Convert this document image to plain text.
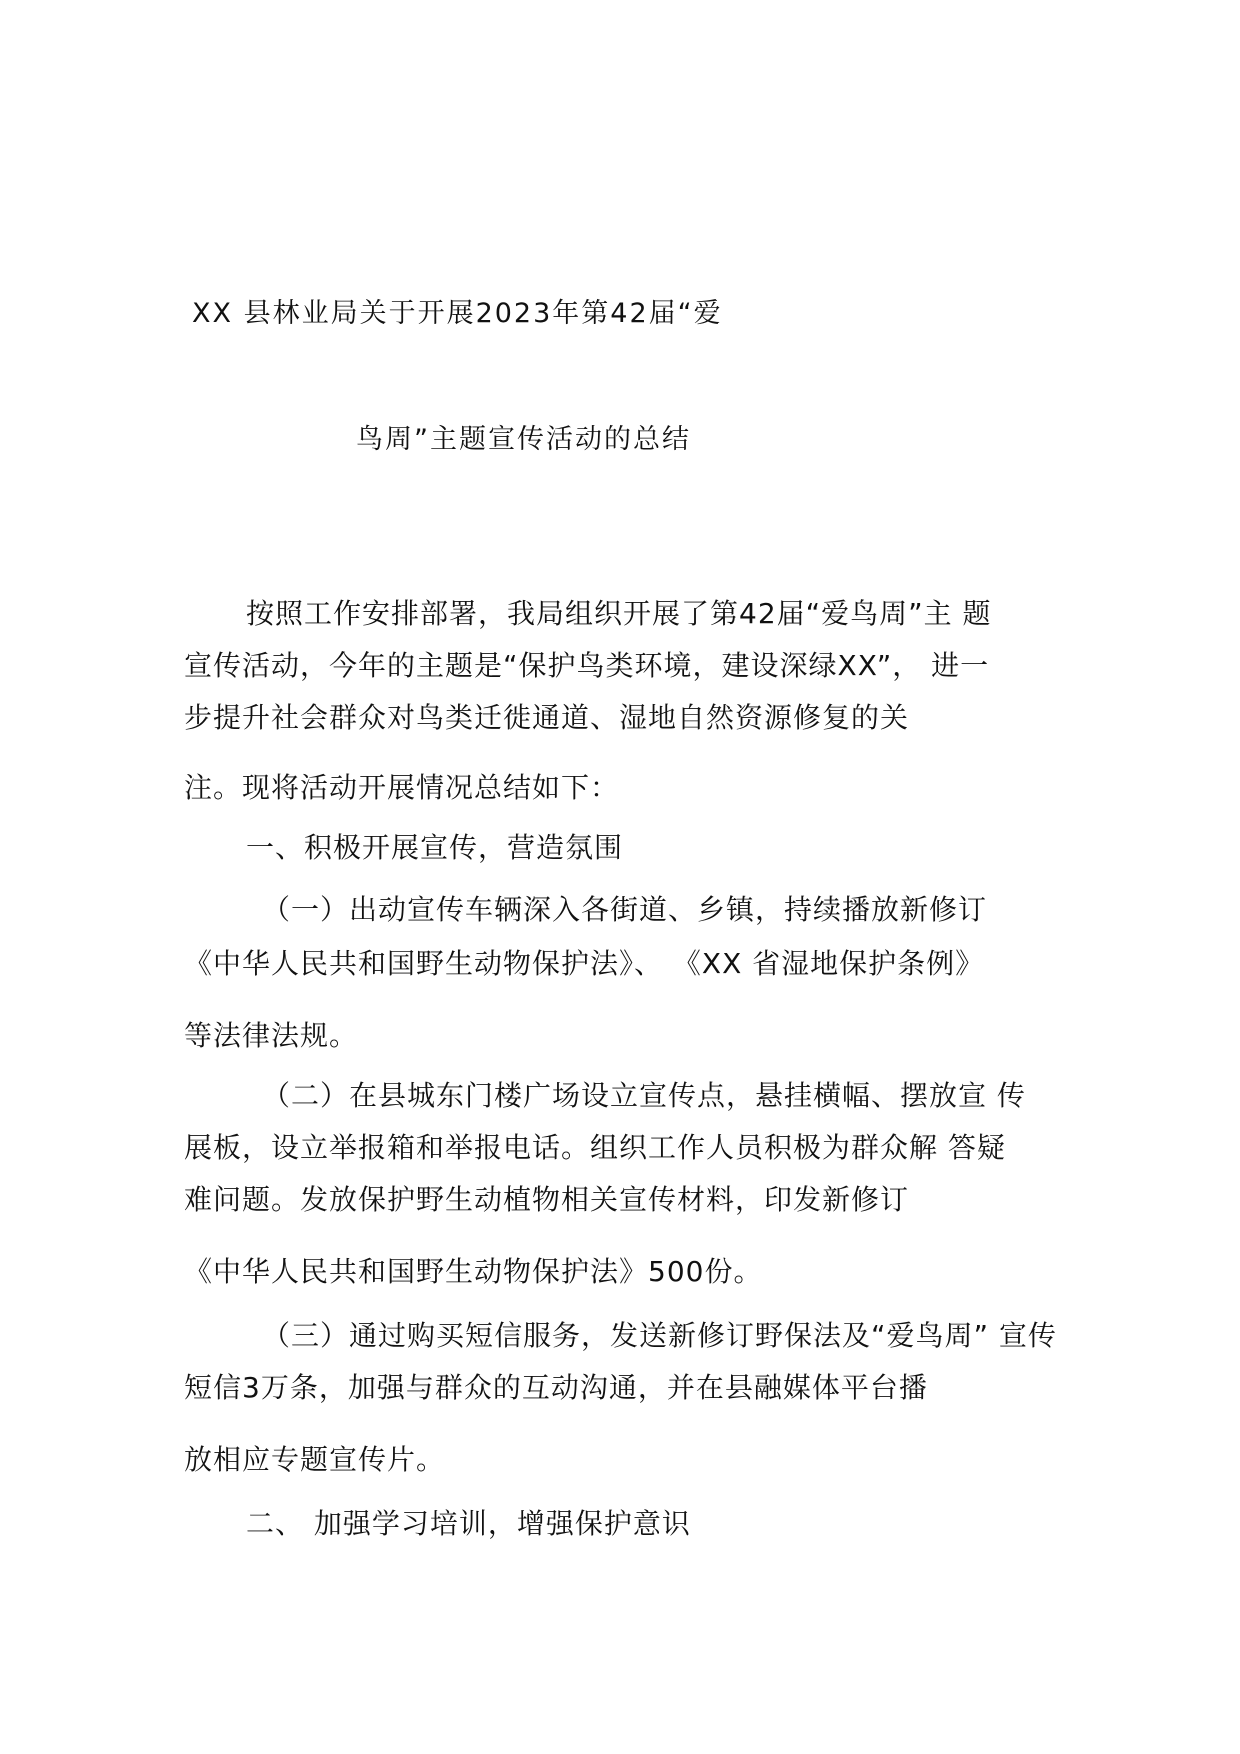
XX 县林业局关于开展2023年第42届“爱
鸟周”主题宣传活动的总结
按照工作安排部署，我局组织开展了第42届“爱鸟周”主 题
宣传活动，今年的主题是“保护鸟类环境，建设深绿XX”， 进一
步提升社会群众对鸟类迁徙通道、湿地自然资源修复的关
注。现将活动开展情况总结如下：
一、积极开展宣传，营造氛围
（一）出动宣传车辆深入各街道、乡镇，持续播放新修订
《中华人民共和国野生动物保护法》、 《XX 省湿地保护条例》
等法律法规。
（二）在县城东门楼广场设立宣传点，悬挂横幅、摆放宣 传
展板，设立举报箱和举报电话。组织工作人员积极为群众解 答疑
难问题。发放保护野生动植物相关宣传材料，印发新修订
《中华人民共和国野生动物保护法》500份。
（三）通过购买短信服务，发送新修订野保法及“爱鸟周” 宣传
短信3万条，加强与群众的互动沟通，并在县融媒体平台播
放相应专题宣传片。
二、 加强学习培训，增强保护意识
